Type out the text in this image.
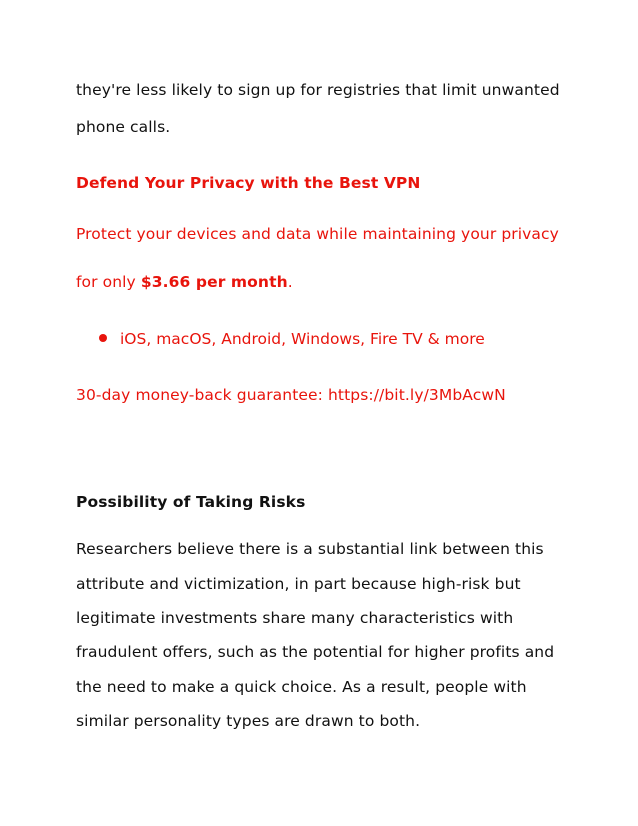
they're less likely to sign up for registries that limit unwanted
phone calls.
Defend Your Privacy with the Best VPN
Protect your devices and data while maintaining your privacy
for only $3.66 per month.
iOS, macOS, Android, Windows, Fire TV & more
30-day money-back guarantee: https://bit.ly/3MbAcwN
Possibility of Taking Risks
Researchers believe there is a substantial link between this
attribute and victimization, in part because high-risk but
legitimate investments share many characteristics with
fraudulent offers, such as the potential for higher profits and
the need to make a quick choice. As a result, people with
similar personality types are drawn to both.
